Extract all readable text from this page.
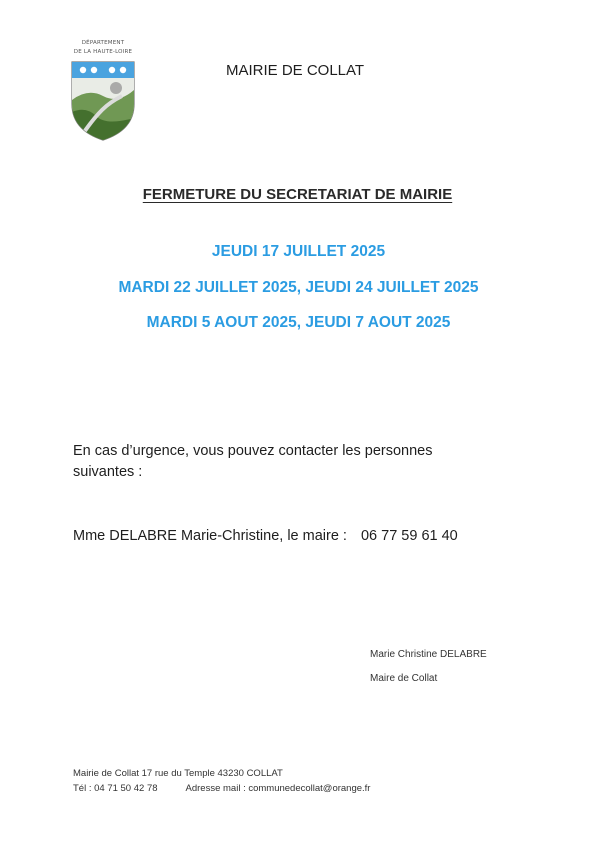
DÉPARTEMENT
DE LA HAUTE-LOIRE
MAIRIE DE COLLAT
FERMETURE DU SECRETARIAT DE MAIRIE
JEUDI 17 JUILLET 2025
MARDI 22 JUILLET 2025, JEUDI 24 JUILLET 2025
MARDI 5 AOUT 2025, JEUDI 7 AOUT 2025
En cas d’urgence, vous pouvez contacter les personnes suivantes :
Mme DELABRE Marie-Christine, le maire : 06 77 59 61 40
Marie Christine DELABRE
Maire de Collat
Mairie de Collat 17 rue du Temple 43230 COLLAT
Tél : 04 71 50 42 78	Adresse mail : communedecollat@orange.fr
